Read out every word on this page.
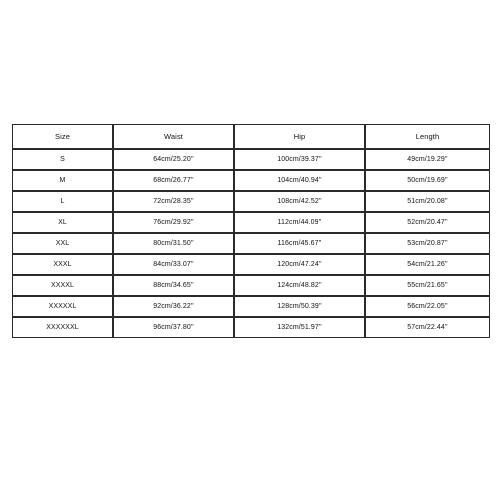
Size	Waist	Hip	Length
S	64cm/25.20''	100cm/39.37''	49cm/19.29''
M	68cm/26.77''	104cm/40.94''	50cm/19.69''
L	72cm/28.35''	108cm/42.52''	51cm/20.08''
XL	76cm/29.92''	112cm/44.09''	52cm/20.47''
XXL	80cm/31.50''	116cm/45.67''	53cm/20.87''
XXXL	84cm/33.07''	120cm/47.24''	54cm/21.26''
XXXXL	88cm/34.65''	124cm/48.82''	55cm/21.65''
XXXXXL	92cm/36.22''	128cm/50.39''	56cm/22.05''
XXXXXXL	96cm/37.80''	132cm/51.97''	57cm/22.44''
